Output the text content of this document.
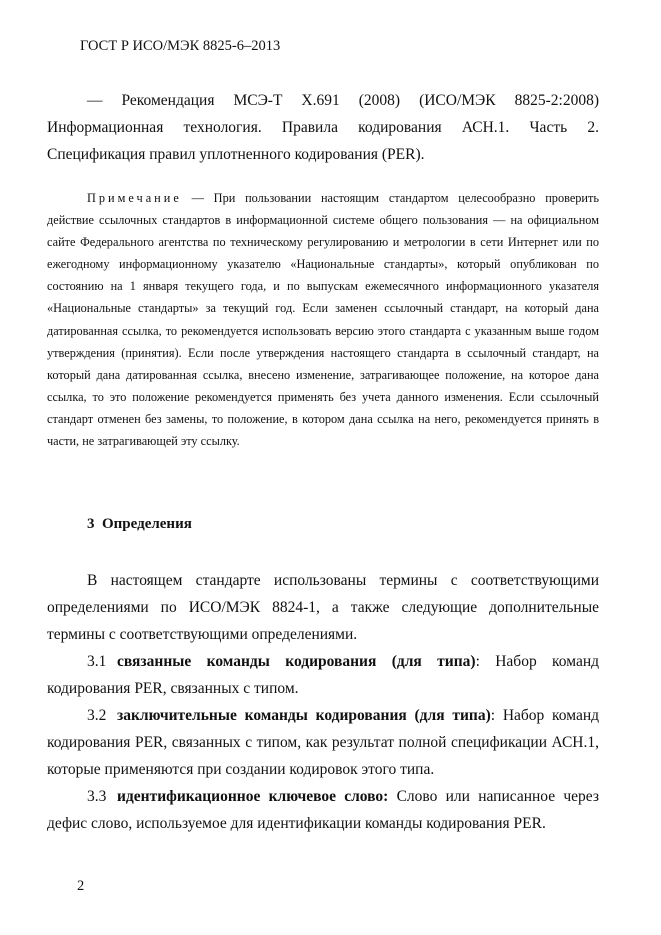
ГОСТ Р ИСО/МЭК 8825-6–2013

— Рекомендация МСЭ-Т X.691 (2008) (ИСО/МЭК 8825-2:2008) Информационная технология. Правила кодирования АСН.1. Часть 2. Спецификация правил уплотненного кодирования (PER).

Примечание — При пользовании настоящим стандартом целесообразно проверить действие ссылочных стандартов в информационной системе общего пользования — на официальном сайте Федерального агентства по техническому регулированию и метрологии в сети Интернет или по ежегодному информационному указателю «Национальные стандарты», который опубликован по состоянию на 1 января текущего года, и по выпускам ежемесячного информационного указателя «Национальные стандарты» за текущий год. Если заменен ссылочный стандарт, на который дана датированная ссылка, то рекомендуется использовать версию этого стандарта с указанным выше годом утверждения (принятия). Если после утверждения настоящего стандарта в ссылочный стандарт, на который дана датированная ссылка, внесено изменение, затрагивающее положение, на которое дана ссылка, то это положение рекомендуется применять без учета данного изменения. Если ссылочный стандарт отменен без замены, то положение, в котором дана ссылка на него, рекомендуется принять в части, не затрагивающей эту ссылку.

3 Определения

В настоящем стандарте использованы термины с соответствующими определениями по ИСО/МЭК 8824-1, а также следующие дополнительные термины с соответствующими определениями.

3.1 связанные команды кодирования (для типа): Набор команд кодирования PER, связанных с типом.

3.2 заключительные команды кодирования (для типа): Набор команд кодирования PER, связанных с типом, как результат полной спецификации АСН.1, которые применяются при создании кодировок этого типа.

3.3 идентификационное ключевое слово: Слово или написанное через дефис слово, используемое для идентификации команды кодирования PER.

2
